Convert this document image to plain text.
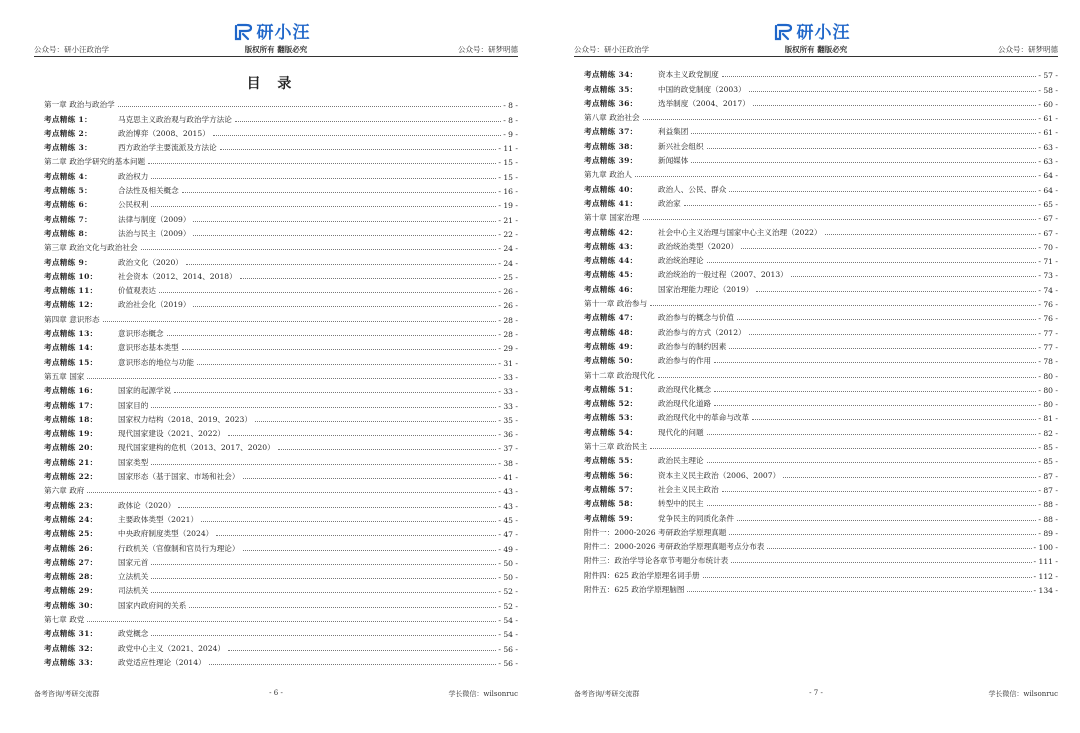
研小汪
公众号：研小汪政治学	版权所有 翻版必究	公众号：研梦明德
目 录
第一章 政治与政治学	- 8 -
考点精练 1：	马克思主义政治观与政治学方法论	- 8 -
考点精练 2：	政治博弈（2008、2015）	- 9 -
考点精练 3：	西方政治学主要流派及方法论	- 11 -
第二章 政治学研究的基本问题	- 15 -
考点精练 4：	政治权力	- 15 -
考点精练 5：	合法性及相关概念	- 16 -
考点精练 6：	公民权利	- 19 -
考点精练 7：	法律与制度（2009）	- 21 -
考点精练 8：	法治与民主（2009）	- 22 -
第三章 政治文化与政治社会	- 24 -
考点精练 9：	政治文化（2020）	- 24 -
考点精练 10：	社会资本（2012、2014、2018）	- 25 -
考点精练 11：	价值观表达	- 26 -
考点精练 12：	政治社会化（2019）	- 26 -
第四章 意识形态	- 28 -
考点精练 13：	意识形态概念	- 28 -
考点精练 14：	意识形态基本类型	- 29 -
考点精练 15：	意识形态的地位与功能	- 31 -
第五章 国家	- 33 -
考点精练 16：	国家的起源学说	- 33 -
考点精练 17：	国家目的	- 33 -
考点精练 18：	国家权力结构（2018、2019、2023）	- 35 -
考点精练 19：	现代国家建设（2021、2022）	- 36 -
考点精练 20：	现代国家建构的危机（2013、2017、2020）	- 37 -
考点精练 21：	国家类型	- 38 -
考点精练 22：	国家形态（基于国家、市场和社会）	- 41 -
第六章 政府	- 43 -
考点精练 23：	政体论（2020）	- 43 -
考点精练 24：	主要政体类型（2021）	- 45 -
考点精练 25：	中央政府制度类型（2024）	- 47 -
考点精练 26：	行政机关（官僚制和官员行为理论）	- 49 -
考点精练 27：	国家元首	- 50 -
考点精练 28：	立法机关	- 50 -
考点精练 29：	司法机关	- 52 -
考点精练 30：	国家内政府间的关系	- 52 -
第七章 政党	- 54 -
考点精练 31：	政党概念	- 54 -
考点精练 32：	政党中心主义（2021、2024）	- 56 -
考点精练 33：	政党适应性理论（2014）	- 56 -
备考咨询/考研交流群	- 6 -	学长微信：wilsonruc
研小汪
公众号：研小汪政治学	版权所有 翻版必究	公众号：研梦明德
考点精练 34：	资本主义政党制度	- 57 -
考点精练 35：	中国的政党制度（2003）	- 58 -
考点精练 36：	选举制度（2004、2017）	- 60 -
第八章 政治社会	- 61 -
考点精练 37：	利益集团	- 61 -
考点精练 38：	新兴社会组织	- 63 -
考点精练 39：	新闻媒体	- 63 -
第九章 政治人	- 64 -
考点精练 40：	政治人、公民、群众	- 64 -
考点精练 41：	政治家	- 65 -
第十章 国家治理	- 67 -
考点精练 42：	社会中心主义治理与国家中心主义治理（2022）	- 67 -
考点精练 43：	政治统治类型（2020）	- 70 -
考点精练 44：	政治统治理论	- 71 -
考点精练 45：	政治统治的一般过程（2007、2013）	- 73 -
考点精练 46：	国家治理能力理论（2019）	- 74 -
第十一章 政治参与	- 76 -
考点精练 47：	政治参与的概念与价值	- 76 -
考点精练 48：	政治参与的方式（2012）	- 77 -
考点精练 49：	政治参与的制约因素	- 77 -
考点精练 50：	政治参与的作用	- 78 -
第十二章 政治现代化	- 80 -
考点精练 51：	政治现代化概念	- 80 -
考点精练 52：	政治现代化道路	- 80 -
考点精练 53：	政治现代化中的革命与改革	- 81 -
考点精练 54：	现代化的问题	- 82 -
第十三章 政治民主	- 85 -
考点精练 55：	政治民主理论	- 85 -
考点精练 56：	资本主义民主政治（2006、2007）	- 87 -
考点精练 57：	社会主义民主政治	- 87 -
考点精练 58：	转型中的民主	- 88 -
考点精练 59：	党争民主的同质化条件	- 88 -
附件一：2000-2026 考研政治学原理真题	- 89 -
附件二：2000-2026 考研政治学原理真题考点分布表	- 100 -
附件三：政治学导论各章节考题分布统计表	- 111 -
附件四：625 政治学原理名词手册	- 112 -
附件五：625 政治学原理脑图	- 134 -
备考咨询/考研交流群	- 7 -	学长微信：wilsonruc
